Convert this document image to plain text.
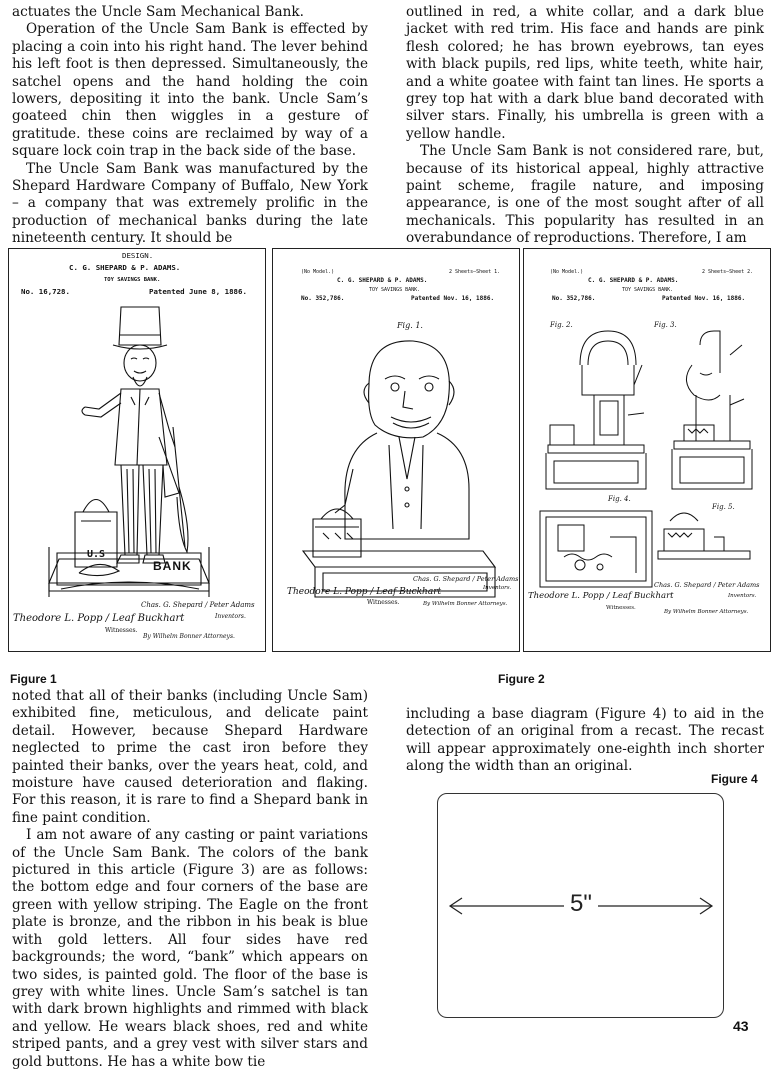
actuates the Uncle Sam Mechanical Bank.

Operation of the Uncle Sam Bank is effected by placing a coin into his right hand. The lever behind his left foot is then depressed. Simultaneously, the satchel opens and the hand holding the coin lowers, depositing it into the bank. Uncle Sam’s goateed chin then wiggles in a gesture of gratitude. these coins are reclaimed by way of a square lock coin trap in the back side of the base.

The Uncle Sam Bank was manufactured by the Shepard Hardware Company of Buffalo, New York – a company that was extremely prolific in the production of mechanical banks during the late nineteenth century. It should be

outlined in red, a white collar, and a dark blue jacket with red trim. His face and hands are pink flesh colored; he has brown eyebrows, tan eyes with black pupils, red lips, white teeth, white hair, and a white goatee with faint tan lines. He sports a grey top hat with a dark blue band decorated with silver stars. Finally, his umbrella is green with a yellow handle.

The Uncle Sam Bank is not considered rare, but, because of its historical appeal, highly attractive paint scheme, fragile nature, and imposing appearance, is one of the most sought after of all mechanicals. This popularity has resulted in an overabundance of reproductions. Therefore, I am

DESIGN.
C. G. SHEPARD & P. ADAMS.
TOY SAVINGS BANK.
No. 16,728.	Patented June 8, 1886.
U.S
BANK
Theodore L. Popp / Leaf Buckhart
Witnesses.
Chas. G. Shepard / Peter Adams
Inventors.
By Wilhelm Bonner Attorneys.
(No Model.)	2 Sheets—Sheet 1.
C. G. SHEPARD & P. ADAMS.
TOY SAVINGS BANK.
No. 352,786.	Patented Nov. 16, 1886.
Fig. 1.
Theodore L. Popp / Leaf Buckhart
Witnesses.
Chas. G. Shepard / Peter Adams
Inventors.
By Wilhelm Bonner Attorneys.
(No Model.)	2 Sheets—Sheet 2.
C. G. SHEPARD & P. ADAMS.
TOY SAVINGS BANK.
No. 352,786.	Patented Nov. 16, 1886.
Fig. 2.	Fig. 3.
Fig. 4.
Fig. 5.
Theodore L. Popp / Leaf Buckhart
Witnesses.
Chas. G. Shepard / Peter Adams
Inventors.
By Wilhelm Bonner Attorneys.
Figure 1	Figure 2

noted that all of their banks (including Uncle Sam) exhibited fine, meticulous, and delicate paint detail. However, because Shepard Hardware neglected to prime the cast iron before they painted their banks, over the years heat, cold, and moisture have caused deterioration and flaking. For this reason, it is rare to find a Shepard bank in fine paint condition.

I am not aware of any casting or paint variations of the Uncle Sam Bank. The colors of the bank pictured in this article (Figure 3) are as follows: the bottom edge and four corners of the base are green with yellow striping. The Eagle on the front plate is bronze, and the ribbon in his beak is blue with gold letters. All four sides have red backgrounds; the word, “bank” which appears on two sides, is painted gold. The floor of the base is grey with white lines. Uncle Sam’s satchel is tan with dark brown highlights and rimmed with black and yellow. He wears black shoes, red and white striped pants, and a grey vest with silver stars and gold buttons. He has a white bow tie

including a base diagram (Figure 4) to aid in the detection of an original from a recast. The recast will appear approximately one-eighth inch shorter along the width than an original.

Figure 4
5"
43
